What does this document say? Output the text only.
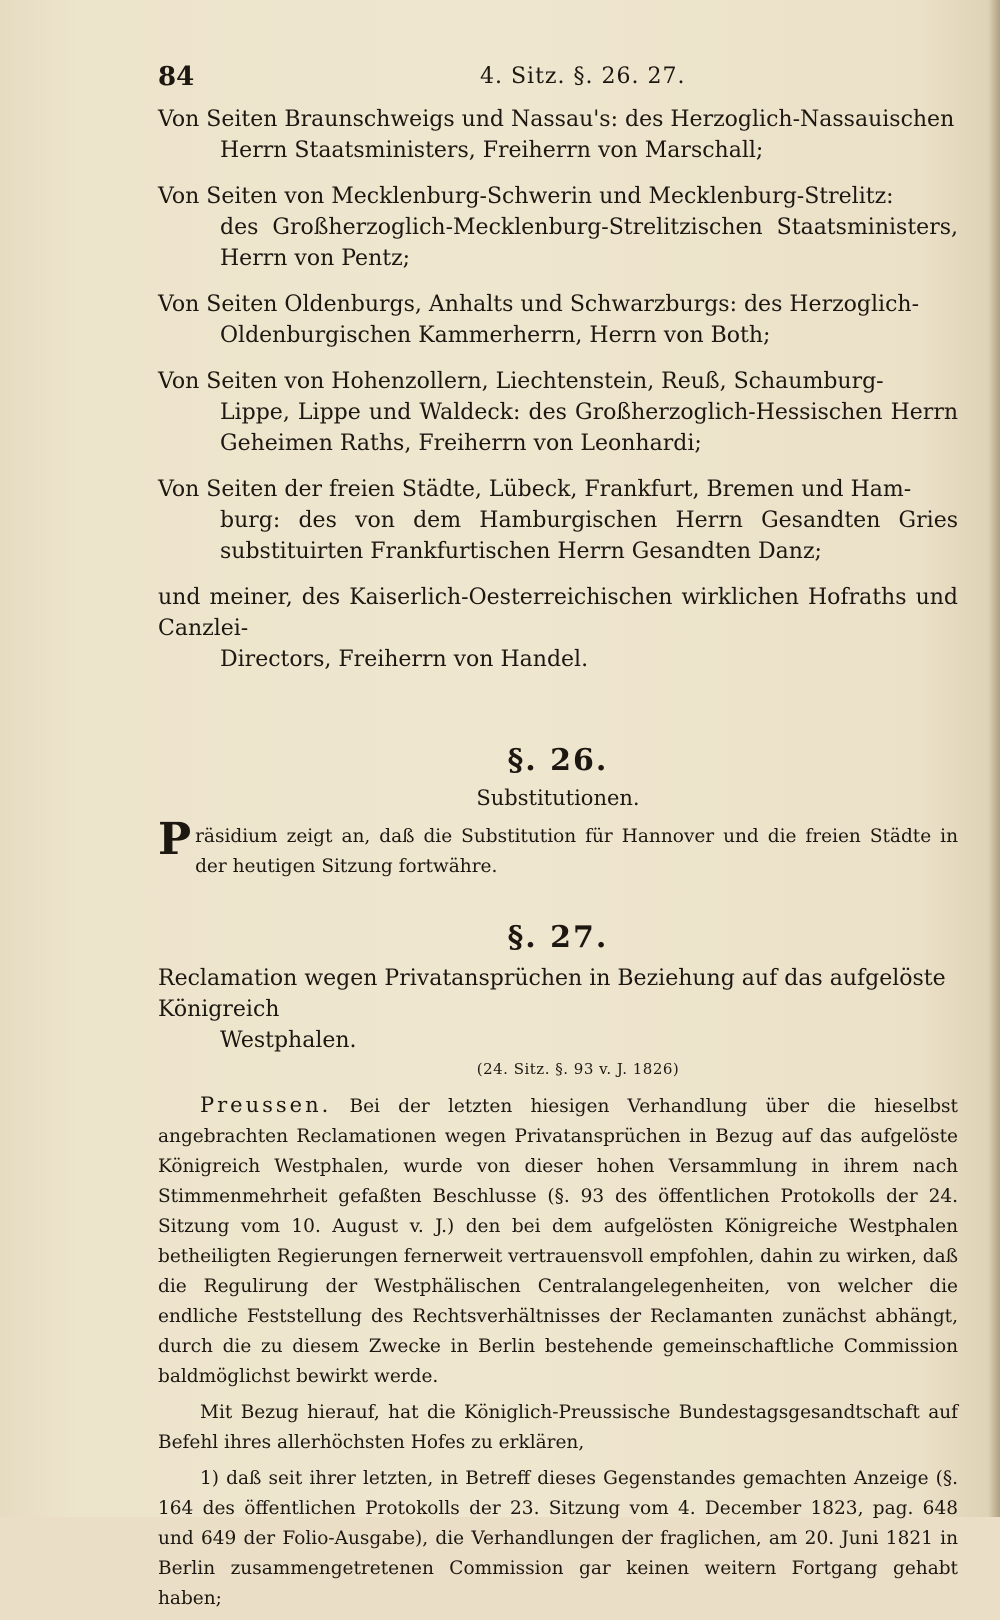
84	4. Sitz. §. 26. 27.

Von Seiten Braunschweigs und Nassau's: des Herzoglich-Nassauischen
Herrn Staatsministers, Freiherrn von Marschall;

Von Seiten von Mecklenburg-Schwerin und Mecklenburg-Strelitz:
des Großherzoglich-Mecklenburg-Strelitzischen Staatsministers, Herrn von Pentz;

Von Seiten Oldenburgs, Anhalts und Schwarzburgs: des Herzoglich-
Oldenburgischen Kammerherrn, Herrn von Both;

Von Seiten von Hohenzollern, Liechtenstein, Reuß, Schaumburg-
Lippe, Lippe und Waldeck: des Großherzoglich-Hessischen Herrn Geheimen Raths, Freiherrn von Leonhardi;

Von Seiten der freien Städte, Lübeck, Frankfurt, Bremen und Ham-
burg: des von dem Hamburgischen Herrn Gesandten Gries substituirten Frankfurtischen Herrn Gesandten Danz;

und meiner, des Kaiserlich-Oesterreichischen wirklichen Hofraths und Canzlei-
Directors, Freiherrn von Handel.

§. 26.
Substitutionen.

P räsidium zeigt an, daß die Substitution für Hannover und die freien Städte in der heutigen Sitzung fortwähre.

§. 27.

Reclamation wegen Privatansprüchen in Beziehung auf das aufgelöste Königreich
Westphalen.

(24. Sitz. §. 93 v. J. 1826)

Preussen. Bei der letzten hiesigen Verhandlung über die hieselbst angebrachten Reclamationen wegen Privatansprüchen in Bezug auf das aufgelöste Königreich Westphalen, wurde von dieser hohen Versammlung in ihrem nach Stimmenmehrheit gefaßten Beschlusse (§. 93 des öffentlichen Protokolls der 24. Sitzung vom 10. August v. J.) den bei dem aufgelösten Königreiche Westphalen betheiligten Regierungen fernerweit vertrauensvoll empfohlen, dahin zu wirken, daß die Regulirung der Westphälischen Centralangelegenheiten, von welcher die endliche Feststellung des Rechtsverhältnisses der Reclamanten zunächst abhängt, durch die zu diesem Zwecke in Berlin bestehende gemeinschaftliche Commission baldmöglichst bewirkt werde.

Mit Bezug hierauf, hat die Königlich-Preussische Bundestagsgesandtschaft auf Befehl ihres allerhöchsten Hofes zu erklären,

1) daß seit ihrer letzten, in Betreff dieses Gegenstandes gemachten Anzeige (§. 164 des öffentlichen Protokolls der 23. Sitzung vom 4. December 1823, pag. 648 und 649 der Folio-Ausgabe), die Verhandlungen der fraglichen, am 20. Juni 1821 in Berlin zusammengetretenen Commission gar keinen weitern Fortgang gehabt haben;
